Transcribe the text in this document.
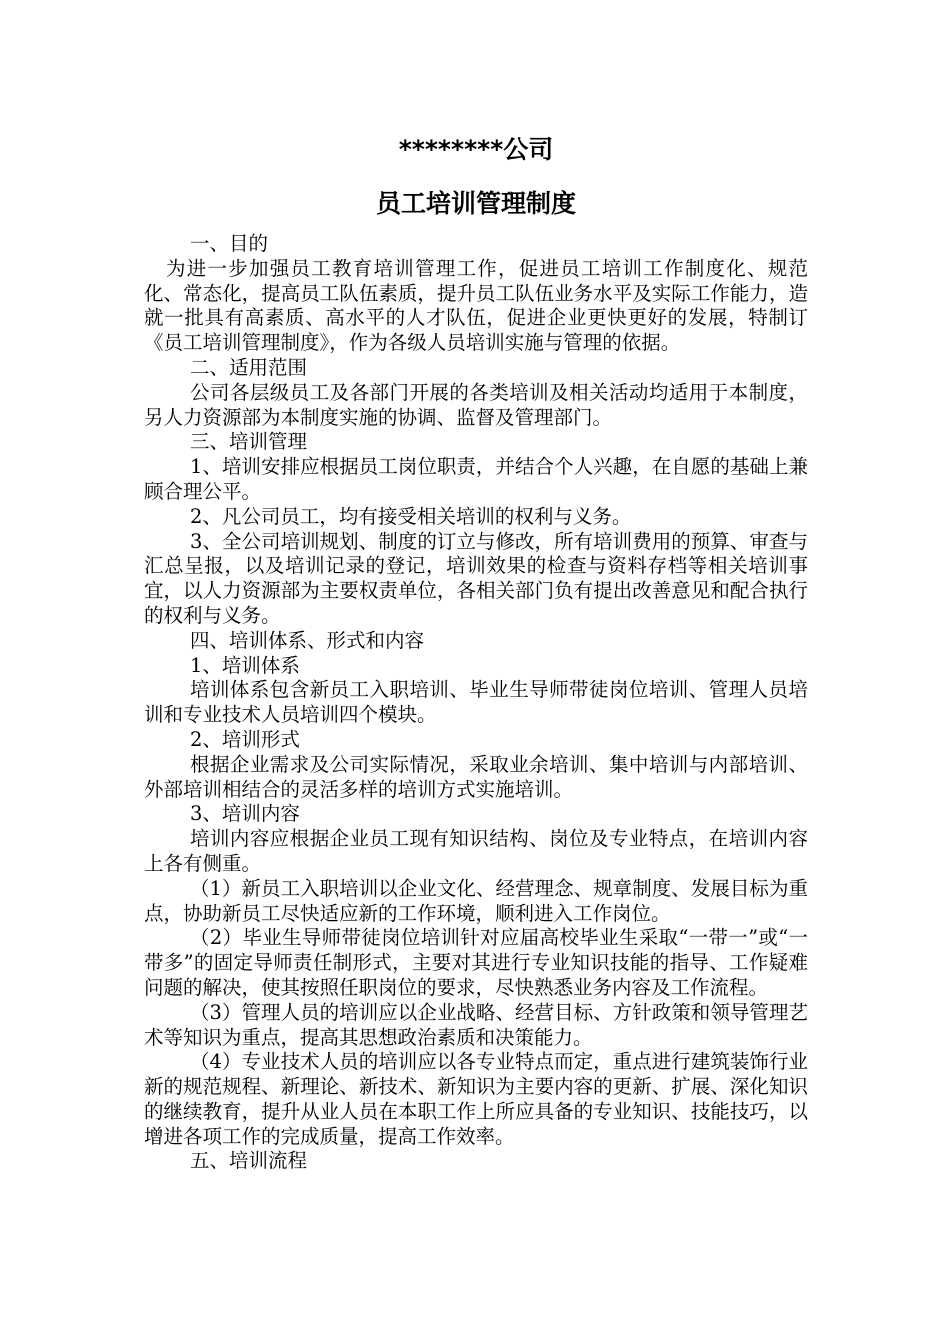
********公司
员工培训管理制度

一、目的

为进一步加强员工教育培训管理工作，促进员工培训工作制度化、规范化、常态化，提高员工队伍素质，提升员工队伍业务水平及实际工作能力，造就一批具有高素质、高水平的人才队伍，促进企业更快更好的发展，特制订《员工培训管理制度》，作为各级人员培训实施与管理的依据。

二、适用范围

公司各层级员工及各部门开展的各类培训及相关活动均适用于本制度，另人力资源部为本制度实施的协调、监督及管理部门。

三、培训管理

1、培训安排应根据员工岗位职责，并结合个人兴趣，在自愿的基础上兼顾合理公平。

2、凡公司员工，均有接受相关培训的权利与义务。

3、全公司培训规划、制度的订立与修改，所有培训费用的预算、审查与汇总呈报，以及培训记录的登记，培训效果的检查与资料存档等相关培训事宜，以人力资源部为主要权责单位，各相关部门负有提出改善意见和配合执行的权利与义务。

四、培训体系、形式和内容

1、培训体系

培训体系包含新员工入职培训、毕业生导师带徒岗位培训、管理人员培训和专业技术人员培训四个模块。

2、培训形式

根据企业需求及公司实际情况，采取业余培训、集中培训与内部培训、外部培训相结合的灵活多样的培训方式实施培训。

3、培训内容

培训内容应根据企业员工现有知识结构、岗位及专业特点，在培训内容上各有侧重。

（1）新员工入职培训以企业文化、经营理念、规章制度、发展目标为重点，协助新员工尽快适应新的工作环境，顺利进入工作岗位。

（2）毕业生导师带徒岗位培训针对应届高校毕业生采取“一带一”或“一带多”的固定导师责任制形式，主要对其进行专业知识技能的指导、工作疑难问题的解决，使其按照任职岗位的要求，尽快熟悉业务内容及工作流程。

（3）管理人员的培训应以企业战略、经营目标、方针政策和领导管理艺术等知识为重点，提高其思想政治素质和决策能力。

（4）专业技术人员的培训应以各专业特点而定，重点进行建筑装饰行业新的规范规程、新理论、新技术、新知识为主要内容的更新、扩展、深化知识的继续教育，提升从业人员在本职工作上所应具备的专业知识、技能技巧，以增进各项工作的完成质量，提高工作效率。

五、培训流程
